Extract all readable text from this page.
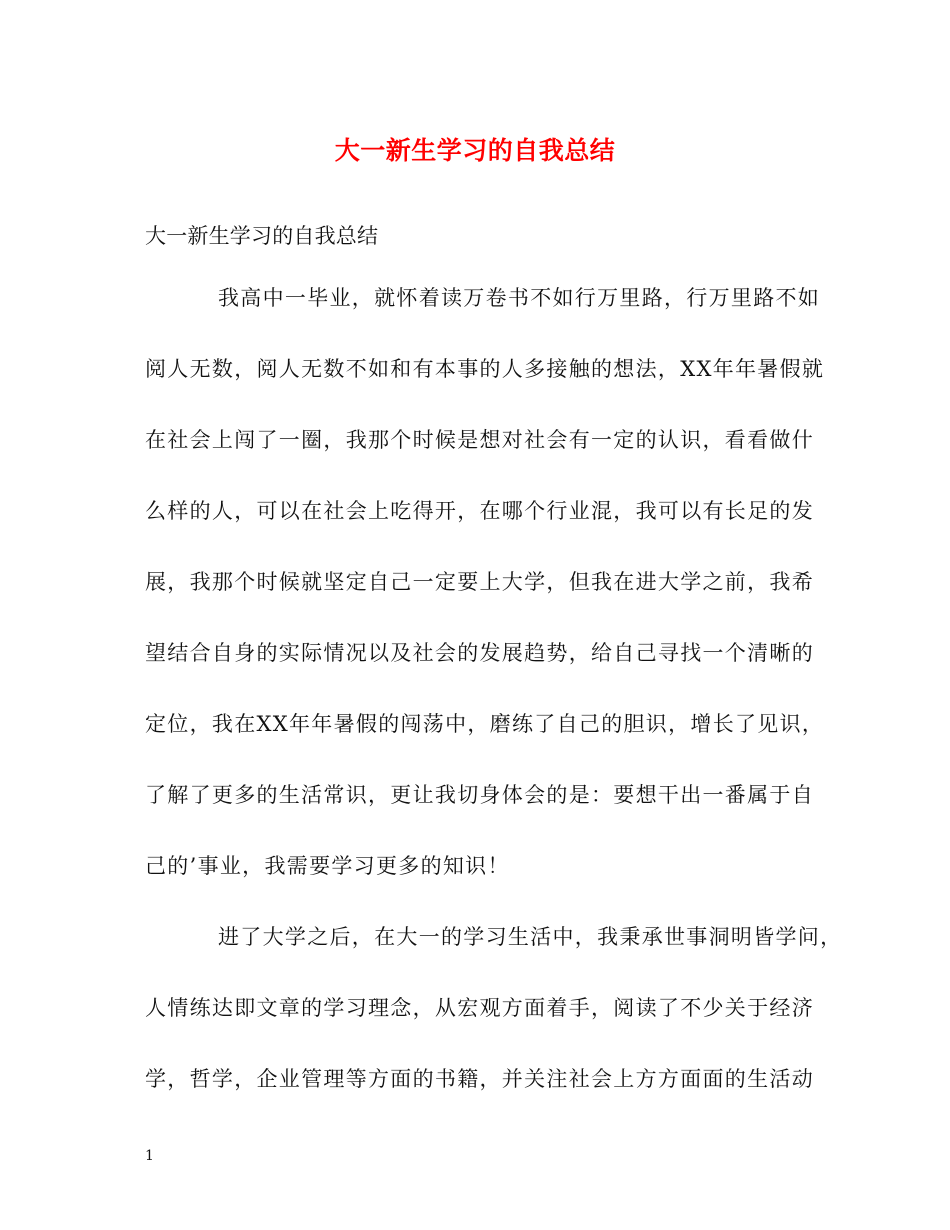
大一新生学习的自我总结
大一新生学习的自我总结
我高中一毕业，就怀着读万卷书不如行万里路，行万里路不如
阅人无数，阅人无数不如和有本事的人多接触的想法，XX年年暑假就
在社会上闯了一圈，我那个时候是想对社会有一定的认识，看看做什
么样的人，可以在社会上吃得开，在哪个行业混，我可以有长足的发
展，我那个时候就坚定自己一定要上大学，但我在进大学之前，我希
望结合自身的实际情况以及社会的发展趋势，给自己寻找一个清晰的
定位，我在XX年年暑假的闯荡中，磨练了自己的胆识，增长了见识，
了解了更多的生活常识，更让我切身体会的是：要想干出一番属于自
己的’事业，我需要学习更多的知识！
进了大学之后，在大一的学习生活中，我秉承世事洞明皆学问，
人情练达即文章的学习理念，从宏观方面着手，阅读了不少关于经济
学，哲学，企业管理等方面的书籍，并关注社会上方方面面的生活动
1
